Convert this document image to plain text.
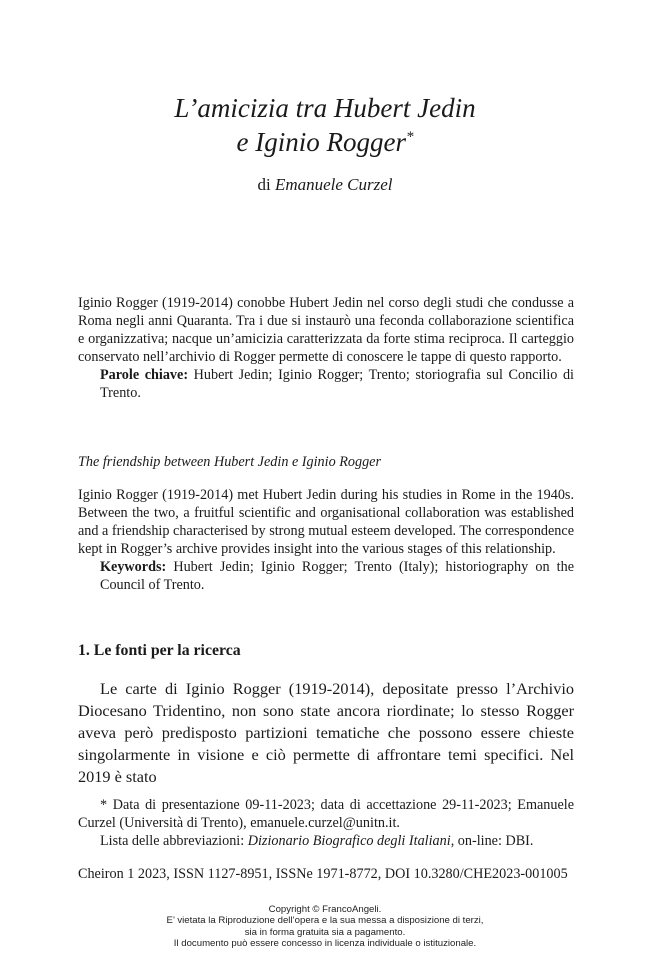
L’amicizia tra Hubert Jedin
e Iginio Rogger*
di Emanuele Curzel
Iginio Rogger (1919-2014) conobbe Hubert Jedin nel corso degli studi che condusse a Roma negli anni Quaranta. Tra i due si instaurò una feconda collaborazione scientifica e organizzativa; nacque un’amicizia caratterizzata da forte stima reciproca. Il carteggio conservato nell’archivio di Rogger permette di conoscere le tappe di questo rapporto.
Parole chiave: Hubert Jedin; Iginio Rogger; Trento; storiografia sul Concilio di Trento.
The friendship between Hubert Jedin e Iginio Rogger
Iginio Rogger (1919-2014) met Hubert Jedin during his studies in Rome in the 1940s. Between the two, a fruitful scientific and organisational collaboration was established and a friendship characterised by strong mutual esteem developed. The correspondence kept in Rogger’s archive provides insight into the various stages of this relationship.
Keywords: Hubert Jedin; Iginio Rogger; Trento (Italy); historiography on the Council of Trento.
1. Le fonti per la ricerca
Le carte di Iginio Rogger (1919-2014), depositate presso l’Archivio Diocesano Tridentino, non sono state ancora riordinate; lo stesso Rogger aveva però predisposto partizioni tematiche che possono essere chieste singolarmente in visione e ciò permette di affrontare temi specifici. Nel 2019 è stato
* Data di presentazione 09-11-2023; data di accettazione 29-11-2023; Emanuele Curzel (Università di Trento), emanuele.curzel@unitn.it.
Lista delle abbreviazioni: Dizionario Biografico degli Italiani, on-line: DBI.
Cheiron 1 2023, ISSN 1127-8951, ISSNe 1971-8772, DOI 10.3280/CHE2023-001005
Copyright © FrancoAngeli.
E’ vietata la Riproduzione dell’opera e la sua messa a disposizione di terzi,
sia in forma gratuita sia a pagamento.
Il documento può essere concesso in licenza individuale o istituzionale.
